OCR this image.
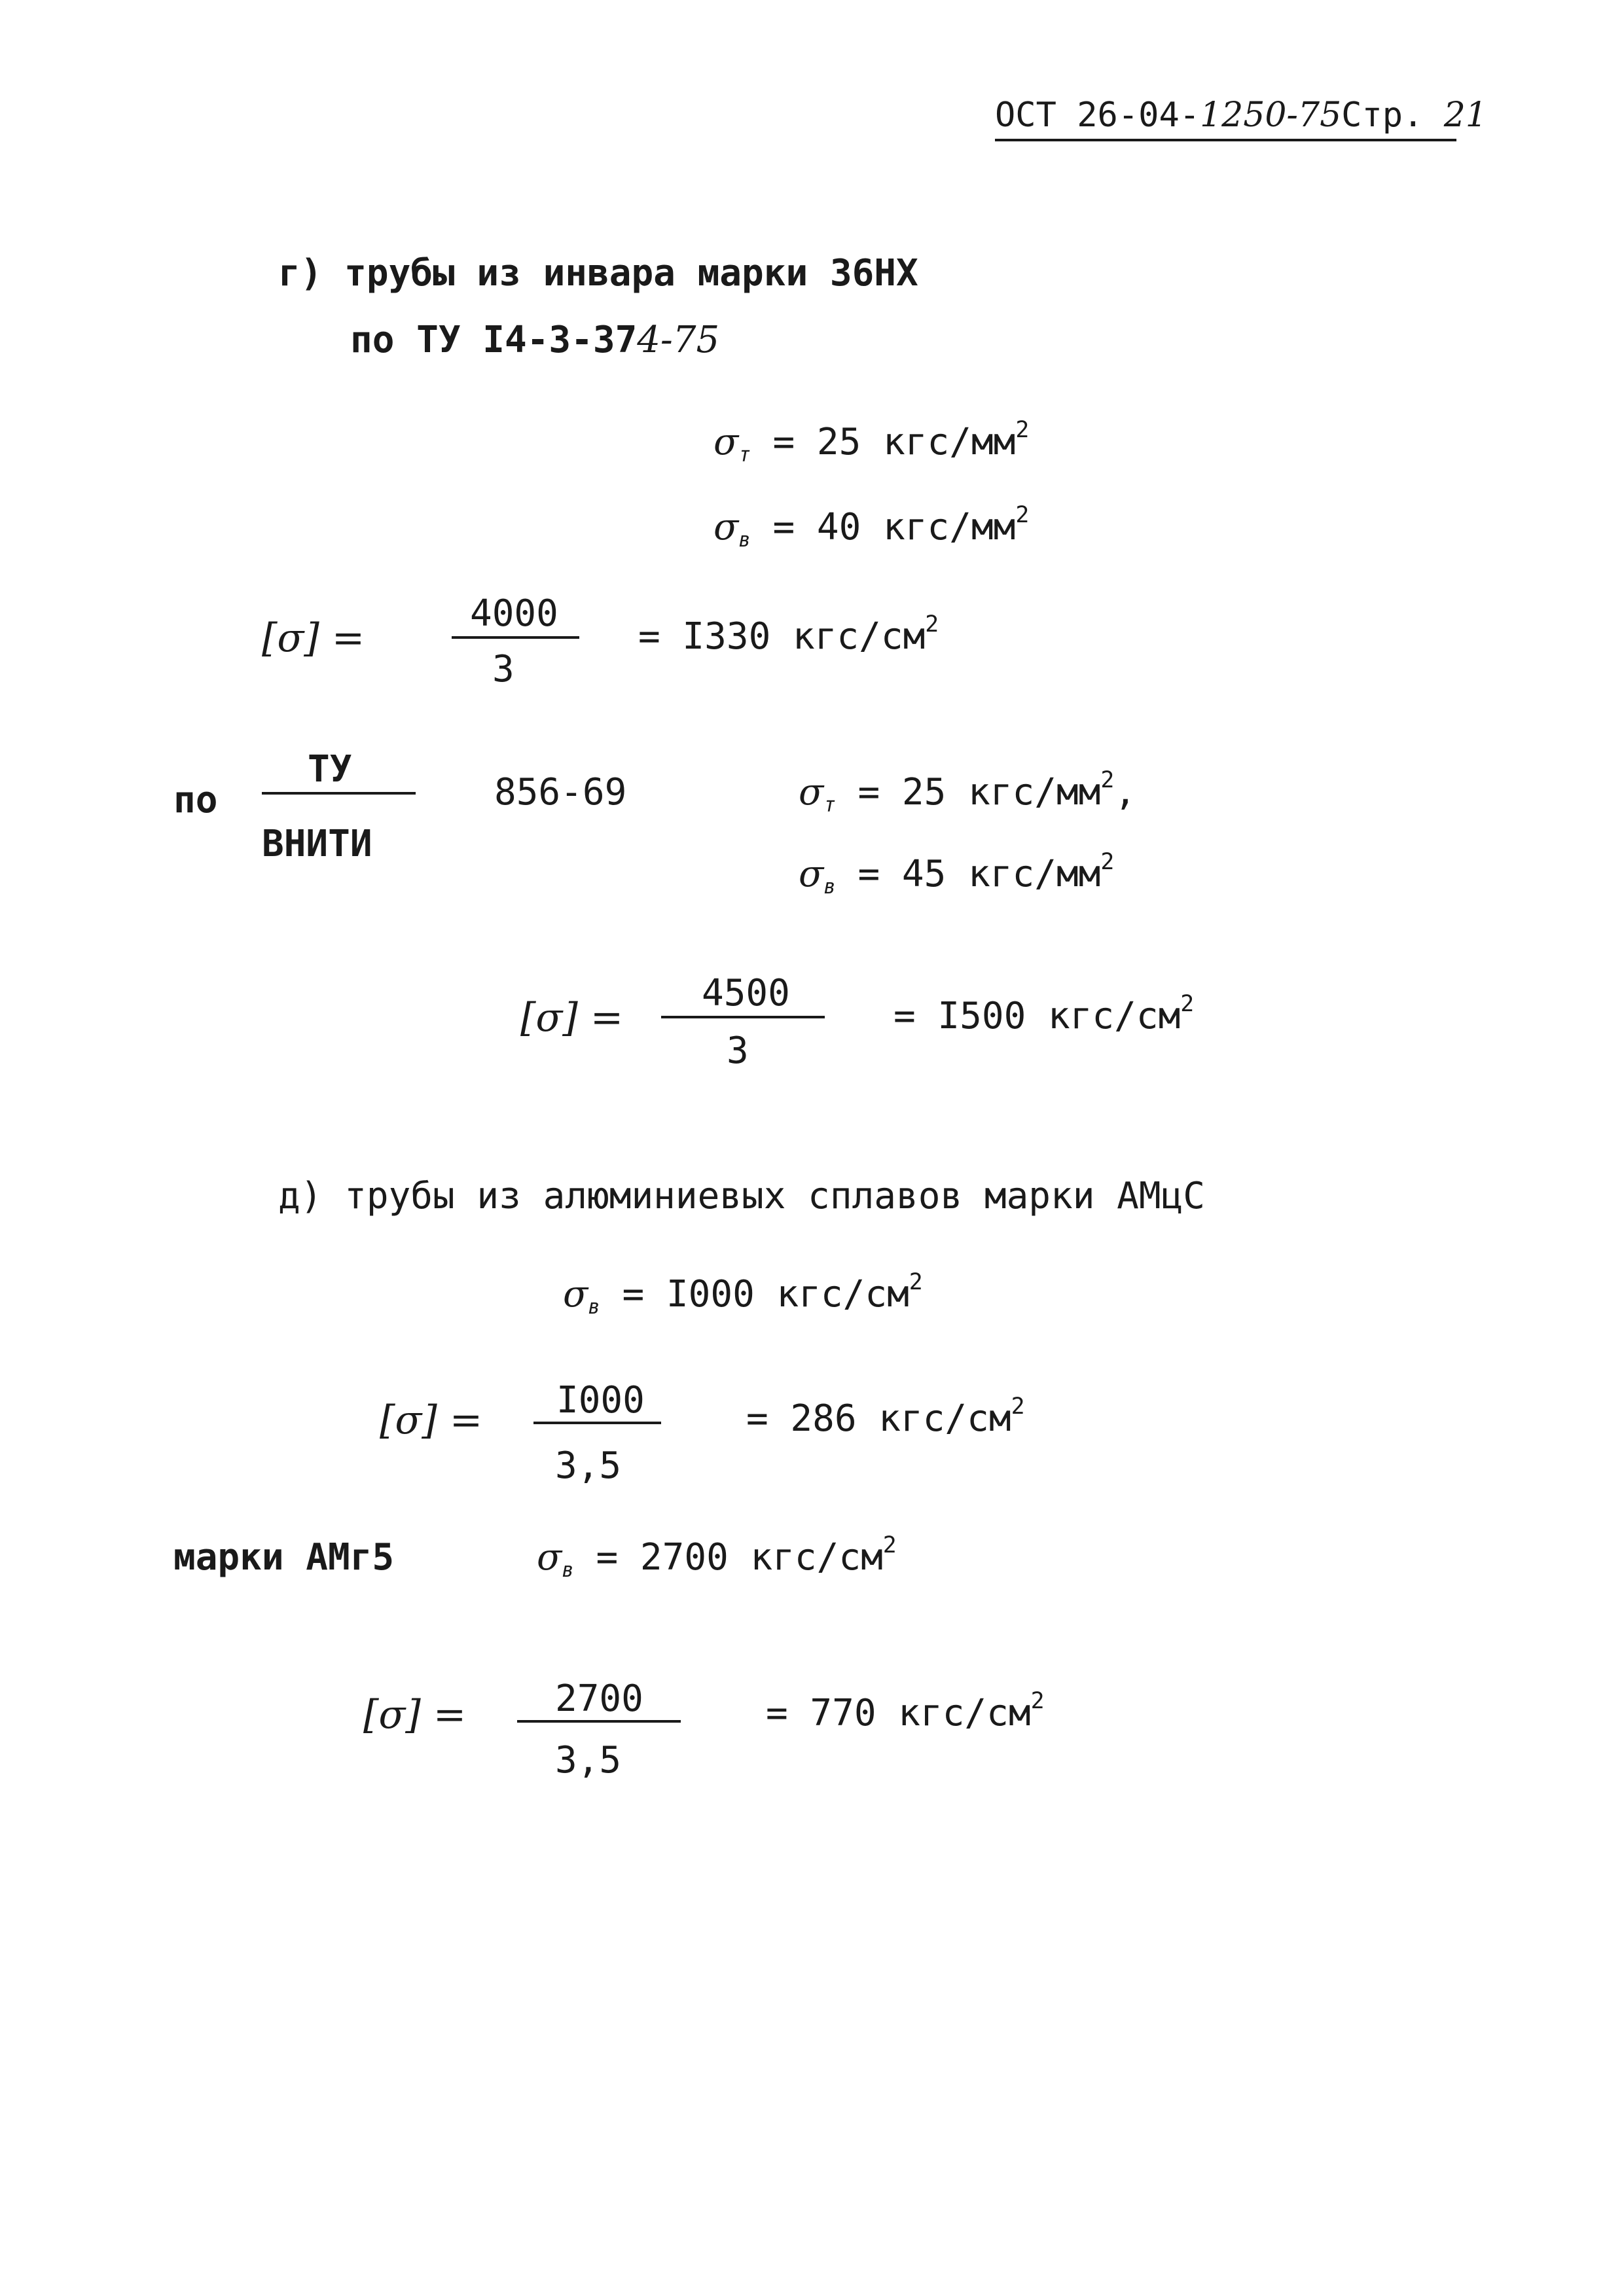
ОСТ 26-04-1250-75Стр. 21
г) трубы из инвара марки 36НХ
по ТУ I4-3-374-75
$\sigma_т = 25$ кгс/$мм^2$
$\sigma_в = 40$ кгс/$мм^2$
[σ] =
4000
3
= I330 кгс/$см^2$
по
ТУ
ВНИТИ
856-69	$\sigma_т = 25$ кгс/$мм^2$,
$\sigma_в = 45$ кгс/$мм^2$
[σ] =
4500
3
= I500 кгс/$см^2$
д) трубы из алюминиевых сплавов марки АМцС
$\sigma_в = I000$ кгс/$см^2$
[σ] = I000
3,5
= 286 кгс/$см^2$
марки АМг5	$\sigma_в = 2700$ кгс/$см^2$
[σ] = 2700
3,5
= 770 кгс/$см^2$
